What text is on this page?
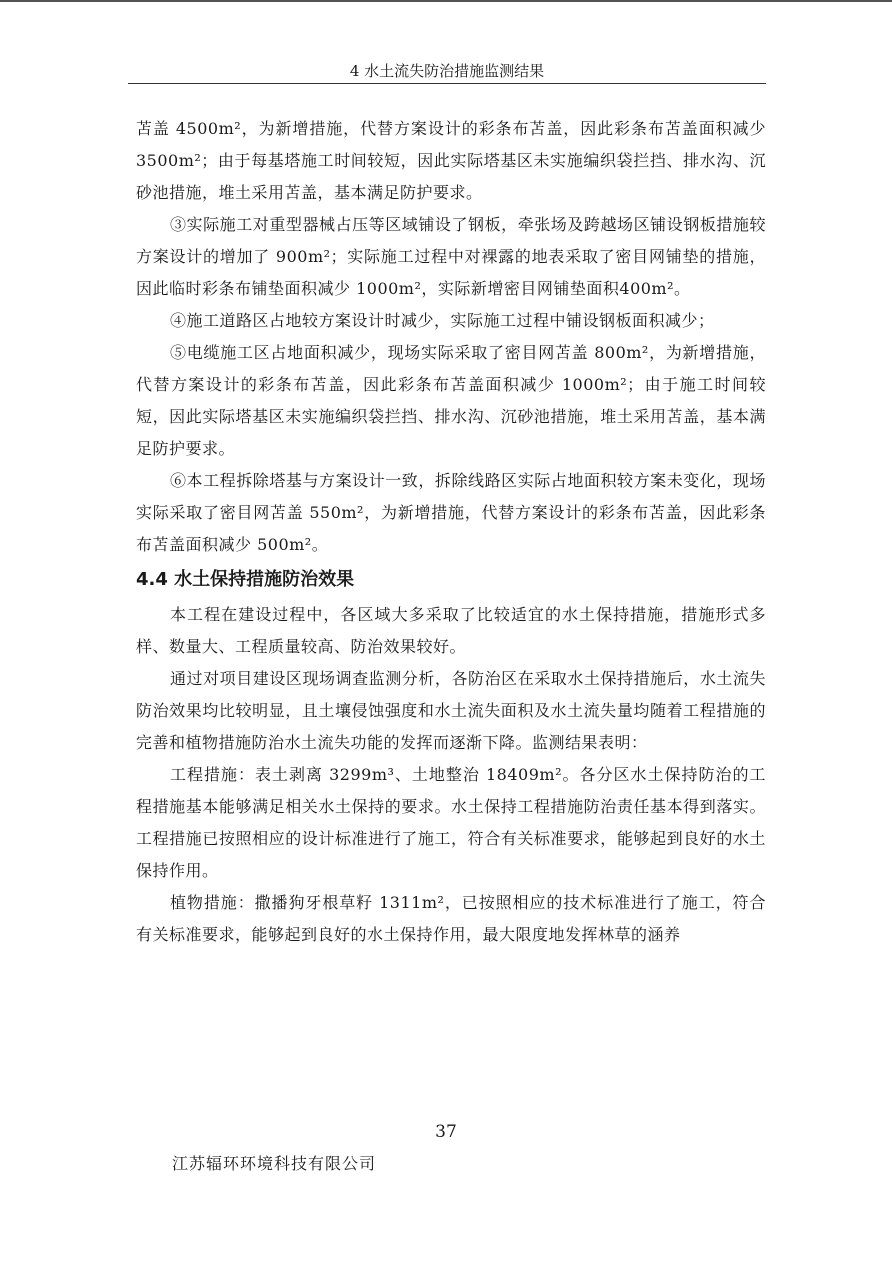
4 水土流失防治措施监测结果

苫盖 4500m²，为新增措施，代替方案设计的彩条布苫盖，因此彩条布苫盖面积减少 3500m²；由于每基塔施工时间较短，因此实际塔基区未实施编织袋拦挡、排水沟、沉砂池措施，堆土采用苫盖，基本满足防护要求。

③实际施工对重型器械占压等区域铺设了钢板，牵张场及跨越场区铺设钢板措施较方案设计的增加了 900m²；实际施工过程中对裸露的地表采取了密目网铺垫的措施，因此临时彩条布铺垫面积减少 1000m²，实际新增密目网铺垫面积400m²。

④施工道路区占地较方案设计时减少，实际施工过程中铺设钢板面积减少；

⑤电缆施工区占地面积减少，现场实际采取了密目网苫盖 800m²，为新增措施，代替方案设计的彩条布苫盖，因此彩条布苫盖面积减少 1000m²；由于施工时间较短，因此实际塔基区未实施编织袋拦挡、排水沟、沉砂池措施，堆土采用苫盖，基本满足防护要求。

⑥本工程拆除塔基与方案设计一致，拆除线路区实际占地面积较方案未变化，现场实际采取了密目网苫盖 550m²，为新增措施，代替方案设计的彩条布苫盖，因此彩条布苫盖面积减少 500m²。

4.4 水土保持措施防治效果

本工程在建设过程中，各区域大多采取了比较适宜的水土保持措施，措施形式多样、数量大、工程质量较高、防治效果较好。

通过对项目建设区现场调查监测分析，各防治区在采取水土保持措施后，水土流失防治效果均比较明显，且土壤侵蚀强度和水土流失面积及水土流失量均随着工程措施的完善和植物措施防治水土流失功能的发挥而逐渐下降。监测结果表明：

工程措施：表土剥离 3299m³、土地整治 18409m²。各分区水土保持防治的工程措施基本能够满足相关水土保持的要求。水土保持工程措施防治责任基本得到落实。工程措施已按照相应的设计标准进行了施工，符合有关标准要求，能够起到良好的水土保持作用。

植物措施：撒播狗牙根草籽 1311m²，已按照相应的技术标准进行了施工，符合有关标准要求，能够起到良好的水土保持作用，最大限度地发挥林草的涵养

37
江苏辐环环境科技有限公司
